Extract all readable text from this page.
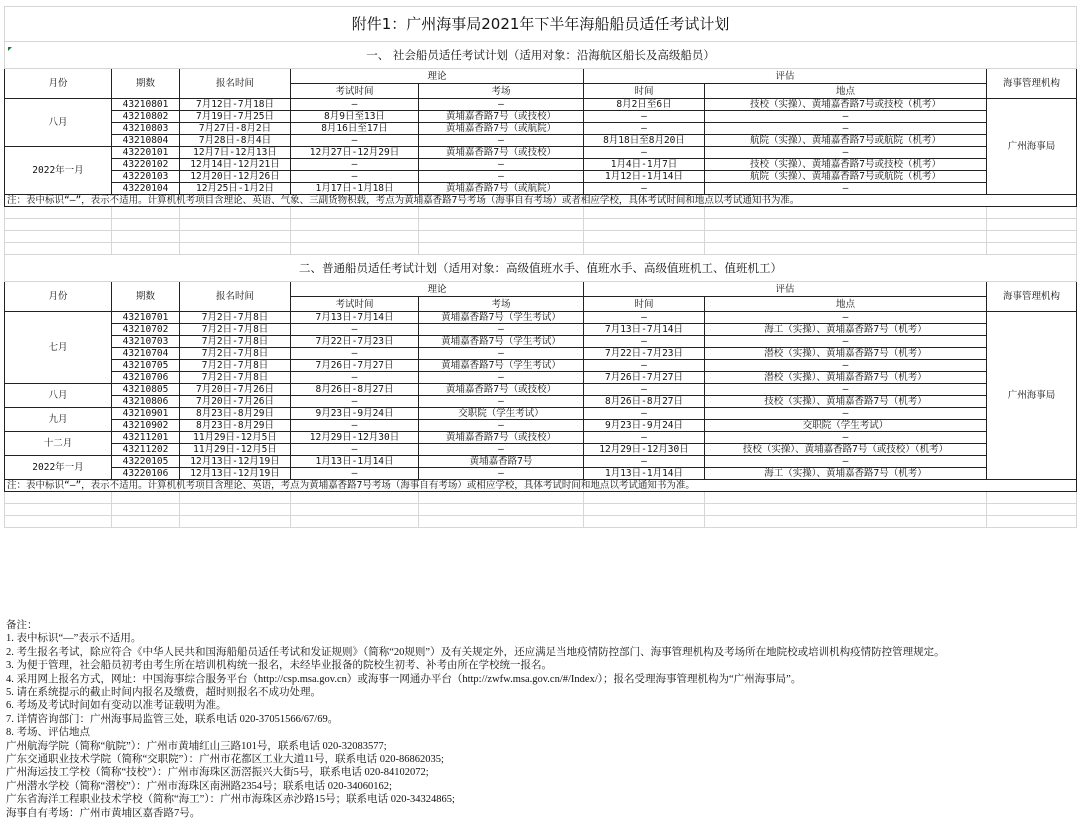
附件1：广州海事局2021年下半年海船船员适任考试计划							
一、 社会船员适任考试计划（适用对象：沿海航区船长及高级船员）							
月份	期数	报名时间	理论		评估		海事管理机构
			考试时间	考场	时间	地点	
八月	43210801	7月12日-7月18日	—	—	8月2日至6日	技校（实操）、黄埔嘉香路7号或技校（机考）	广州海事局
	43210802	7月19日-7月25日	8月9日至13日	黄埔嘉香路7号（或技校）	—	—	
	43210803	7月27日-8月2日	8月16日至17日	黄埔嘉香路7号（或航院）	—	—	
	43210804	7月28日-8月4日	—	—	8月18日至8月20日	航院（实操）、黄埔嘉香路7号或航院（机考）	
2022年一月	43220101	12月7日-12月13日	12月27日-12月29日	黄埔嘉香路7号（或技校）	—	—	
	43220102	12月14日-12月21日	—	—	1月4日-1月7日	技校（实操）、黄埔嘉香路7号或技校（机考）	
	43220103	12月20日-12月26日	—	—	1月12日-1月14日	航院（实操）、黄埔嘉香路7号或航院（机考）	
	43220104	12月25日-1月2日	1月17日-1月18日	黄埔嘉香路7号（或航院）	—	—	
注：表中标识“—”，表示不适用。计算机机考项目含理论、英语、气象、三副货物积载，考点为黄埔嘉香路7号考场（海事自有考场）或者相应学校，具体考试时间和地点以考试通知书为准。							

二、普通船员适任考试计划（适用对象：高级值班水手、值班水手、高级值班机工、值班机工）							
月份	期数	报名时间	理论		评估		海事管理机构
			考试时间	考场	时间	地点	
七月	43210701	7月2日-7月8日	7月13日-7月14日	黄埔嘉香路7号（学生考试）	—	—	广州海事局
	43210702	7月2日-7月8日	—	—	7月13日-7月14日	海工（实操）、黄埔嘉香路7号（机考）	
	43210703	7月2日-7月8日	7月22日-7月23日	黄埔嘉香路7号（学生考试）	—	—	
	43210704	7月2日-7月8日	—	—	7月22日-7月23日	潜校（实操）、黄埔嘉香路7号（机考）	
	43210705	7月2日-7月8日	7月26日-7月27日	黄埔嘉香路7号（学生考试）	—	—	
	43210706	7月2日-7月8日	—	—	7月26日-7月27日	潜校（实操）、黄埔嘉香路7号（机考）	
八月	43210805	7月20日-7月26日	8月26日-8月27日	黄埔嘉香路7号（或技校）	—	—	
	43210806	7月20日-7月26日	—	—	8月26日-8月27日	技校（实操）、黄埔嘉香路7号（机考）	
九月	43210901	8月23日-8月29日	9月23日-9月24日	交职院（学生考试）	—	—	
	43210902	8月23日-8月29日	—	—	9月23日-9月24日	交职院（学生考试）	
十二月	43211201	11月29日-12月5日	12月29日-12月30日	黄埔嘉香路7号（或技校）	—	—	
	43211202	11月29日-12月5日	—	—	12月29日-12月30日	技校（实操）、黄埔嘉香路7号（或技校）（机考）	
2022年一月	43220105	12月13日-12月19日	1月13日-1月14日	黄埔嘉香路7号	—	—	
	43220106	12月13日-12月19日	—	—	1月13日-1月14日	海工（实操）、黄埔嘉香路7号（机考）	
注：表中标识“—”，表示不适用。计算机机考项目含理论、英语，考点为黄埔嘉香路7号考场（海事自有考场）或相应学校，具体考试时间和地点以考试通知书为准。							

备注：
1. 表中标识“—”表示不适用。
2. 考生报名考试，除应符合《中华人民共和国海船船员适任考试和发证规则》（简称“20规则”）及有关规定外，还应满足当地疫情防控部门、海事管理机构及考场所在地院校或培训机构疫情防控管理规定。
3. 为便于管理，社会船员初考由考生所在培训机构统一报名，未经毕业报备的院校生初考、补考由所在学校统一报名。
4. 采用网上报名方式，网址：中国海事综合服务平台（http://csp.msa.gov.cn）或海事一网通办平台（http://zwfw.msa.gov.cn/#/Index/）；报名受理海事管理机构为“广州海事局”。
5. 请在系统提示的截止时间内报名及缴费，超时则报名不成功处理。
6. 考场及考试时间如有变动以准考证载明为准。
7. 详情咨询部门：广州海事局监管三处，联系电话 020-37051566/67/69。
8. 考场、评估地点
广州航海学院（简称“航院”）：广州市黄埔红山三路101号，联系电话 020-32083577;
广东交通职业技术学院（简称“交职院”）：广州市花都区工业大道11号，联系电话 020-86862035;
广州海运技工学校（简称“技校”）：广州市海珠区沥滘振兴大街5号，联系电话 020-84102072;
广州潜水学校（简称“潜校”）：广州市海珠区南洲路2354号；联系电话 020-34060162;
广东省海洋工程职业技术学校（简称“海工”）：广州市海珠区赤沙路15号；联系电话 020-34324865;
海事自有考场：广州市黄埔区嘉香路7号。
